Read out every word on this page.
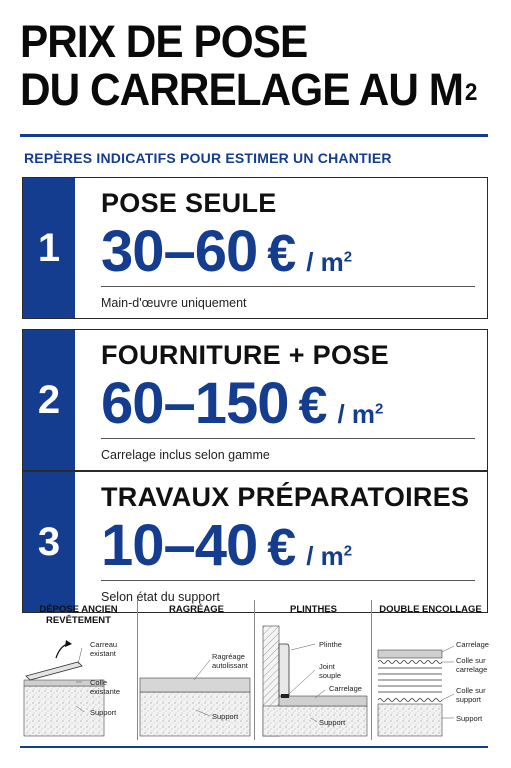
PRIX DE POSE
DU CARRELAGE AU $M^2$
REPÈRES INDICATIFS POUR ESTIMER UN CHANTIER
1
POSE SEULE
30–60 € / $m^2$
Main-d'œuvre uniquement
2
FOURNITURE + POSE
60–150 € / $m^2$
Carrelage inclus selon gamme
3
TRAVAUX PRÉPARATOIRES
10–40 € / $m^2$
Selon état du support
DÉPOSE ANCIEN REVÊTEMENT
Carreau existant
Colle existante
Support
RAGRÉAGE
Ragréage autolissant
Support
PLINTHES
Plinthe
Joint souple
Carrelage
Support
DOUBLE ENCOLLAGE
Carrelage
Colle sur carrelage
Colle sur support
Support
